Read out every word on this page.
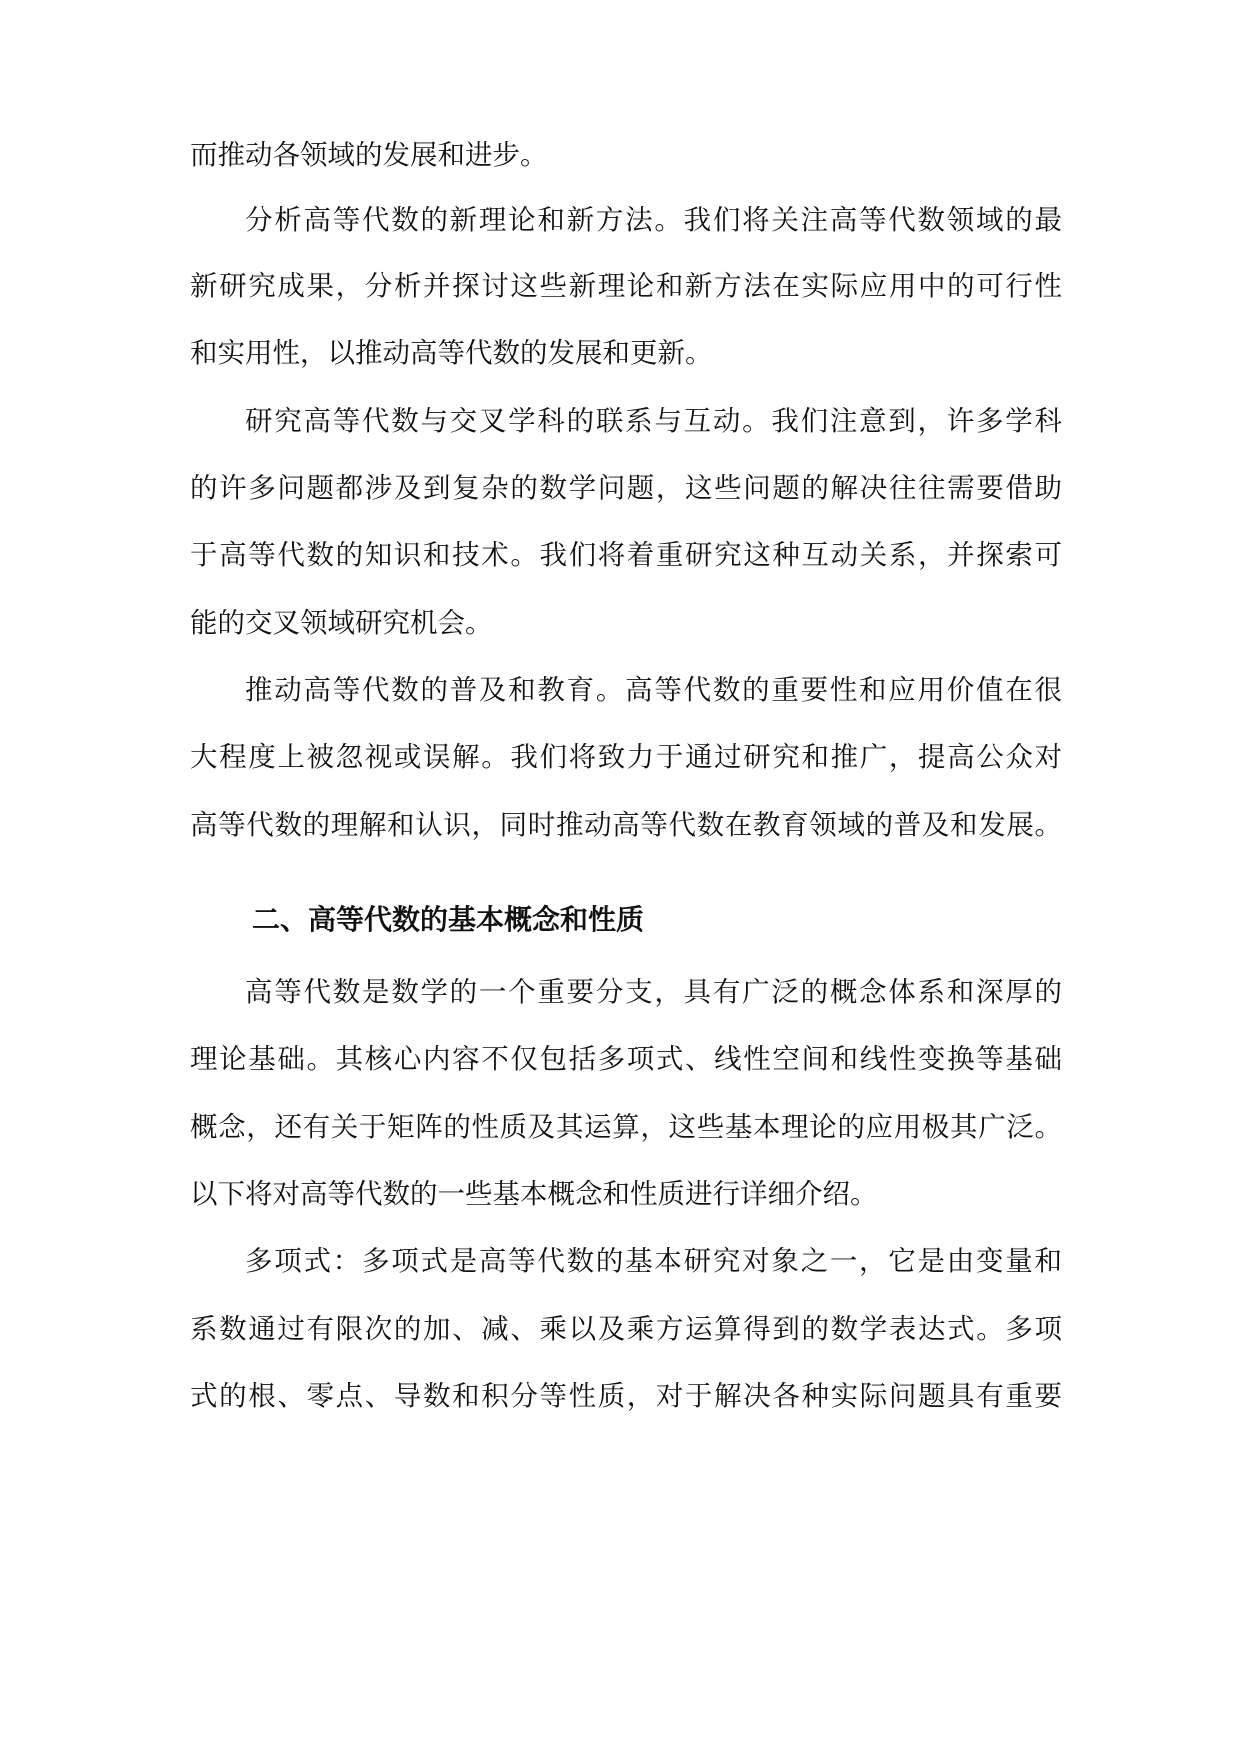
而推动各领域的发展和进步。
分析高等代数的新理论和新方法。我们将关注高等代数领域的最
新研究成果，分析并探讨这些新理论和新方法在实际应用中的可行性
和实用性，以推动高等代数的发展和更新。
研究高等代数与交叉学科的联系与互动。我们注意到，许多学科
的许多问题都涉及到复杂的数学问题，这些问题的解决往往需要借助
于高等代数的知识和技术。我们将着重研究这种互动关系，并探索可
能的交叉领域研究机会。
推动高等代数的普及和教育。高等代数的重要性和应用价值在很
大程度上被忽视或误解。我们将致力于通过研究和推广，提高公众对
高等代数的理解和认识，同时推动高等代数在教育领域的普及和发展。
二、高等代数的基本概念和性质
高等代数是数学的一个重要分支，具有广泛的概念体系和深厚的
理论基础。其核心内容不仅包括多项式、线性空间和线性变换等基础
概念，还有关于矩阵的性质及其运算，这些基本理论的应用极其广泛。
以下将对高等代数的一些基本概念和性质进行详细介绍。
多项式：多项式是高等代数的基本研究对象之一，它是由变量和
系数通过有限次的加、减、乘以及乘方运算得到的数学表达式。多项
式的根、零点、导数和积分等性质，对于解决各种实际问题具有重要
